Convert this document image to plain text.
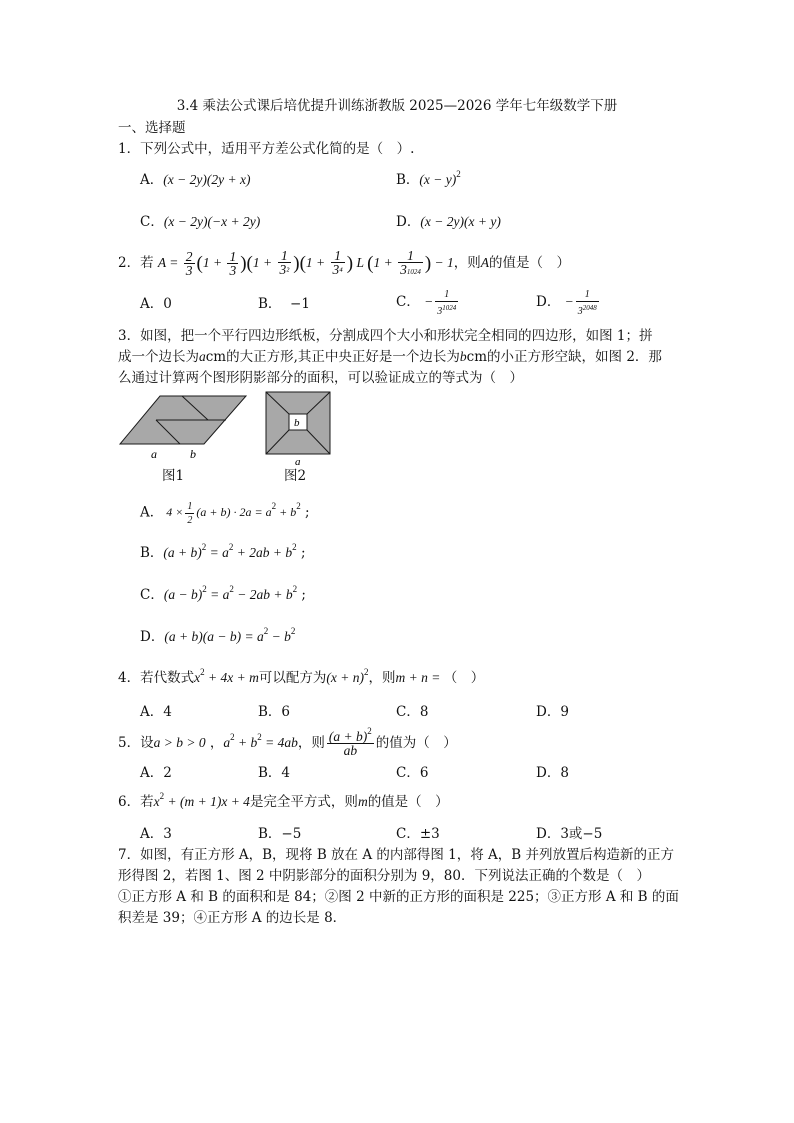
3.4 乘法公式课后培优提升训练浙教版 2025—2026 学年七年级数学下册
一、选择题
1．下列公式中，适用平方差公式化简的是（　）.
A．(x − 2y)(2y + x)	B．$(x - y)^2$
C．(x − 2y)(−x + 2y)	D．(x − 2y)(x + y)
2．若 $A = \frac{2}{3} (1 + \frac{1}{3} )(1 + \frac{1}{\text{3²}} )(1 + \frac{1}{\text{3⁴}}$ ) L ($1 + \frac{1}{31024}$ ) − 1，则A的值是（　）
A．0	B． −1	C． − $\frac{1}{3^{1024}}$	D． − $\frac{1}{3^{2048}}$
3．如图，把一个平行四边形纸板，分割成四个大小和形状完全相同的四边形，如图 1；拼
成一个边长为acm的大正方形,其正中央正好是一个边长为bcm的小正方形空缺，如图 2．那
么通过计算两个图形阴影部分的面积，可以验证成立的等式为（　）
a	b
图1
b
a
图2
A． $4 \times \frac{1}{2} (a + b) \cdot 2a = a^2 + b^2$ ;
B．$(a + b)^2 = a^2 + 2ab + b^2$ ;
C．$(a - b)^2 = a^2 - 2ab + b^2$ ;
D．$(a + b)(a - b) = a^2 - b^2$
4．若代数式$x^2 + 4x + m$可以配方为$(x + n)^2$，则m + n = （　）
A．4	B．6	C．8	D．9
5．设a > b > 0 ，$a^2 + b^2 = 4ab$，则 $\frac{(a + b)^2}{ab}$ 的值为（　）
A．2	B．4	C．6	D．8
6．若$x^2 + (m + 1)x + 4$是完全平方式，则m的值是（　）
A．3	B．−5	C．±3	D．3或−5
7．如图，有正方形 A，B，现将 B 放在 A 的内部得图 1，将 A，B 并列放置后构造新的正方
形得图 2，若图 1、图 2 中阴影部分的面积分别为 9，80．下列说法正确的个数是（　）
①正方形 A 和 B 的面积和是 84；②图 2 中新的正方形的面积是 225；③正方形 A 和 B 的面
积差是 39；④正方形 A 的边长是 8．
